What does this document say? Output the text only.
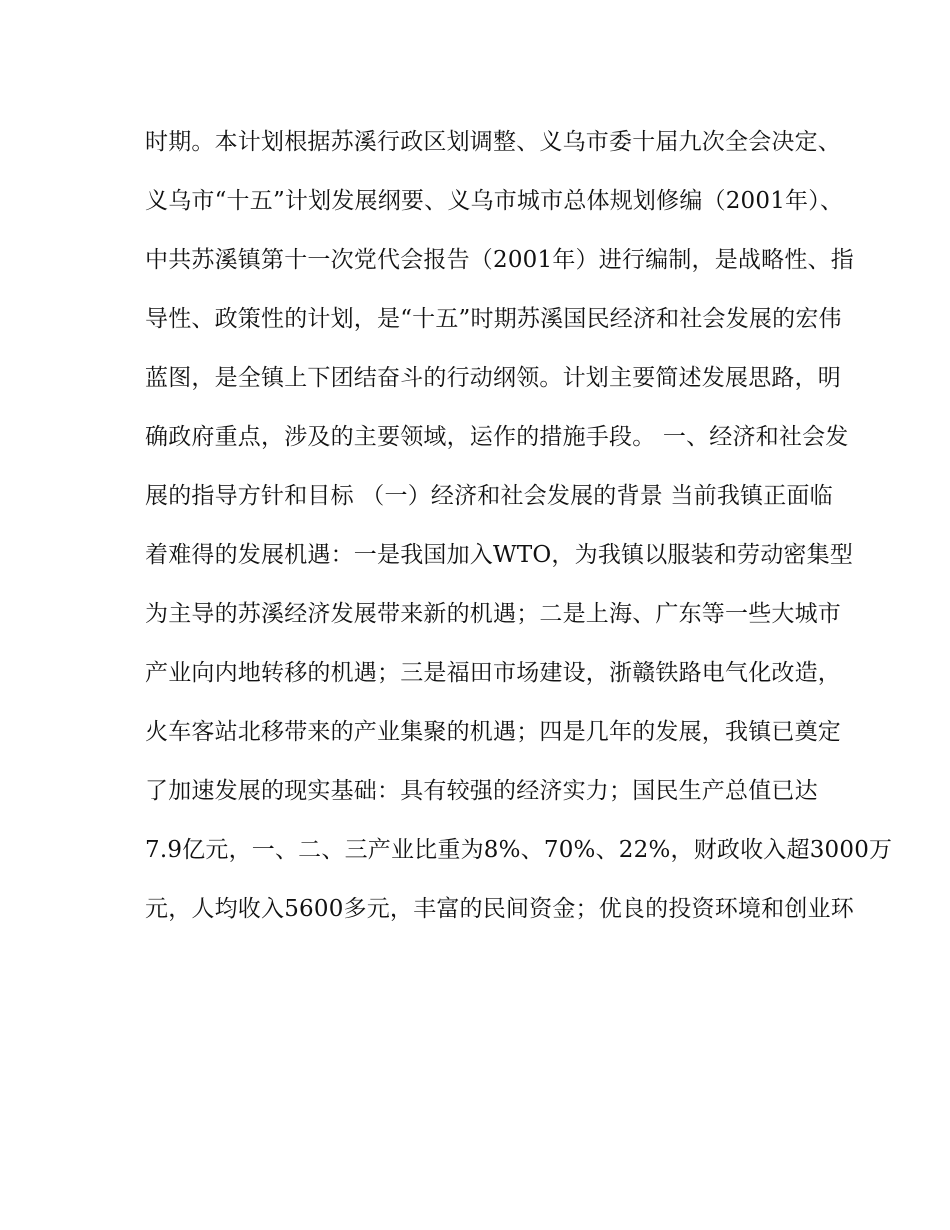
时期。本计划根据苏溪行政区划调整、义乌市委十届九次全会决定、
义乌市“十五”计划发展纲要、义乌市城市总体规划修编（2001年）、
中共苏溪镇第十一次党代会报告（2001年）进行编制，是战略性、指
导性、政策性的计划，是“十五”时期苏溪国民经济和社会发展的宏伟
蓝图，是全镇上下团结奋斗的行动纲领。计划主要简述发展思路，明
确政府重点，涉及的主要领域，运作的措施手段。 一、经济和社会发
展的指导方针和目标 （一）经济和社会发展的背景 当前我镇正面临
着难得的发展机遇：一是我国加入WTO，为我镇以服装和劳动密集型
为主导的苏溪经济发展带来新的机遇；二是上海、广东等一些大城市
产业向内地转移的机遇；三是福田市场建设，浙赣铁路电气化改造，
火车客站北移带来的产业集聚的机遇；四是几年的发展，我镇已奠定
了加速发展的现实基础：具有较强的经济实力；国民生产总值已达
7.9亿元，一、二、三产业比重为8%、70%、22%，财政收入超3000万
元，人均收入5600多元，丰富的民间资金；优良的投资环境和创业环
